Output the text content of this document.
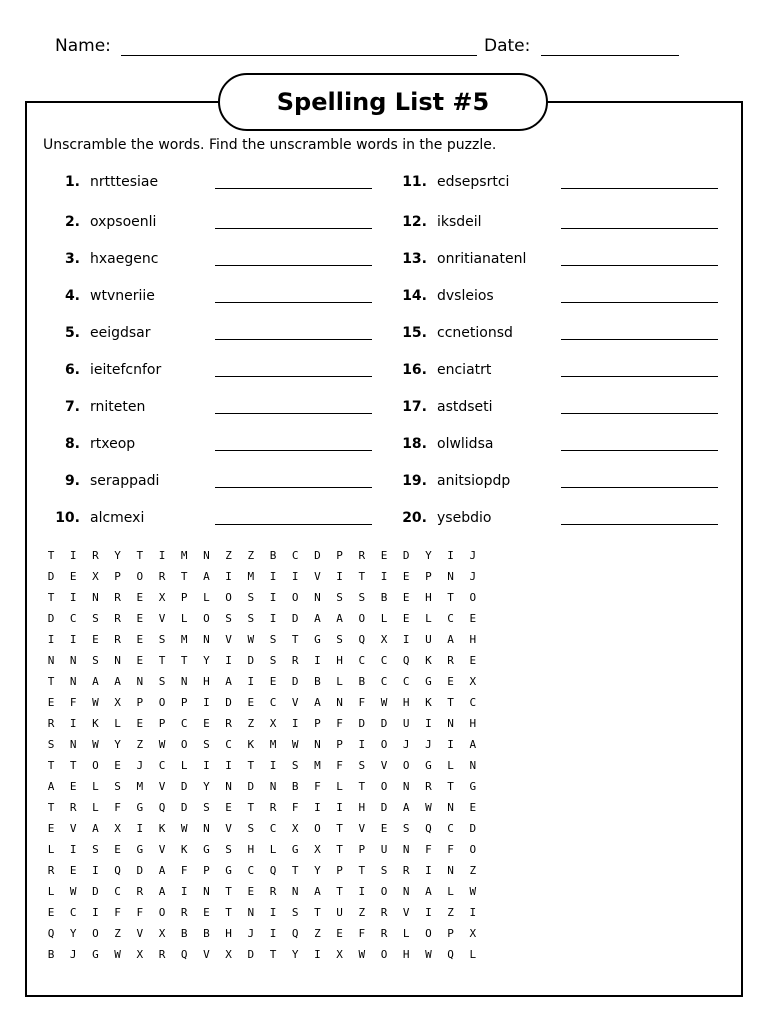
Name:	Date:
Spelling List #5
Unscramble the words. Find the unscramble words in the puzzle.
1. nrtttesiae
2. oxpsoenli
3. hxaegenc
4. wtvneriie
5. eeigdsar
6. ieitefcnfor
7. rniteten
8. rtxeop
9. serappadi
10. alcmexi
11. edsepsrtci
12. iksdeil
13. onritianatenl
14. dvsleios
15. ccnetionsd
16. enciatrt
17. astdseti
18. olwlidsa
19. anitsiopdp
20. ysebdio
T	I	R	Y	T	I	M	N	Z	Z	B	C	D	P	R	E	D	Y	I	J
D	E	X	P	O	R	T	A	I	M	I	I	V	I	T	I	E	P	N	J
T	I	N	R	E	X	P	L	O	S	I	O	N	S	S	B	E	H	T	O
D	C	S	R	E	V	L	O	S	S	I	D	A	A	O	L	E	L	C	E
I	I	E	R	E	S	M	N	V	W	S	T	G	S	Q	X	I	U	A	H
N	N	S	N	E	T	T	Y	I	D	S	R	I	H	C	C	Q	K	R	E
T	N	A	A	N	S	N	H	A	I	E	D	B	L	B	C	C	G	E	X
E	F	W	X	P	O	P	I	D	E	C	V	A	N	F	W	H	K	T	C
R	I	K	L	E	P	C	E	R	Z	X	I	P	F	D	D	U	I	N	H
S	N	W	Y	Z	W	O	S	C	K	M	W	N	P	I	O	J	J	I	A
T	T	O	E	J	C	L	I	I	T	I	S	M	F	S	V	O	G	L	N
A	E	L	S	M	V	D	Y	N	D	N	B	F	L	T	O	N	R	T	G
T	R	L	F	G	Q	D	S	E	T	R	F	I	I	H	D	A	W	N	E
E	V	A	X	I	K	W	N	V	S	C	X	O	T	V	E	S	Q	C	D
L	I	S	E	G	V	K	G	S	H	L	G	X	T	P	U	N	F	F	O
R	E	I	Q	D	A	F	P	G	C	Q	T	Y	P	T	S	R	I	N	Z
L	W	D	C	R	A	I	N	T	E	R	N	A	T	I	O	N	A	L	W
E	C	I	F	F	O	R	E	T	N	I	S	T	U	Z	R	V	I	Z	I
Q	Y	O	Z	V	X	B	B	H	J	I	Q	Z	E	F	R	L	O	P	X
B	J	G	W	X	R	Q	V	X	D	T	Y	I	X	W	O	H	W	Q	L
